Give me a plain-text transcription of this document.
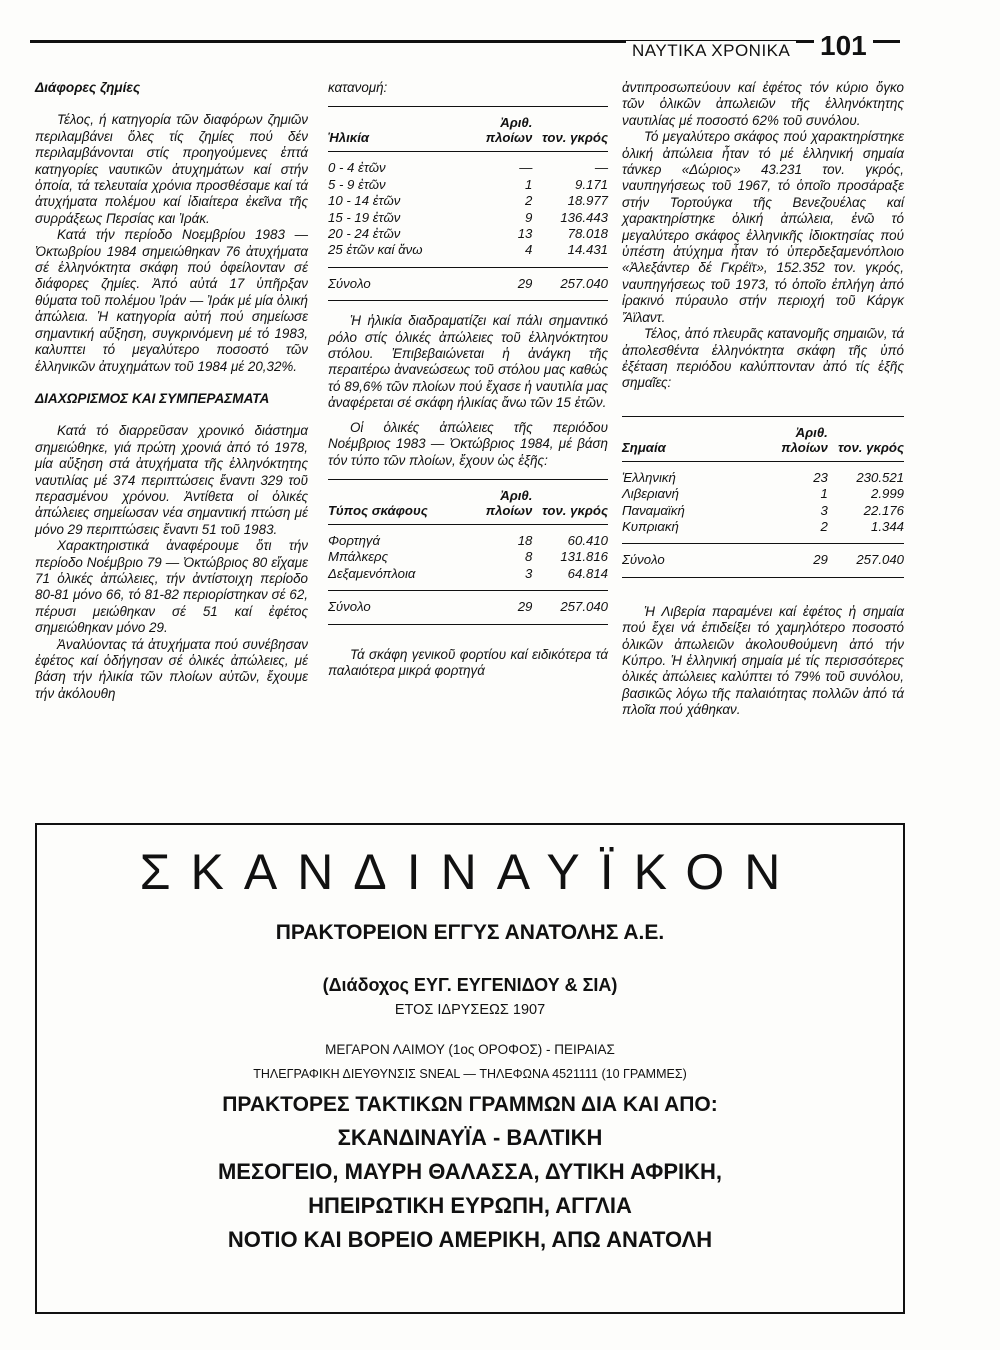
ΝΑΥΤΙΚΑ ΧΡΟΝΙΚΑ 101
Διάφορες ζημίες

Τέλος, ή κατηγορία τῶν διαφόρων ζημιῶν περιλαμβάνει ὅλες τίς ζημίες πού δέν περιλαμβάνονται στίς προηγούμενες ἑπτά κατηγορίες ναυτικῶν ἀτυχημάτων καί στήν ὁποία, τά τελευταία χρόνια προσθέσαμε καί τά ἀτυχήματα πολέμου καί ἰδιαίτερα ἐκεῖνα τῆς συρράξεως Περσίας και Ἰράκ.

Κατά τήν περίοδο Νοεμβρίου 1983 — Ὀκτωβρίου 1984 σημειώθηκαν 76 ἀτυχήματα σέ ἑλληνόκτητα σκάφη πού ὀφείλονταν σέ διάφορες ζημίες. Ἀπό αὐτά 17 ὑπῆρξαν θύματα τοῦ πολέμου Ἰράν — Ἰράκ μέ μία ὁλική ἀπώλεια. Ἡ κατηγορία αὐτή πού σημείωσε σημαντική αὔξηση, συγκρινόμενη μέ τό 1983, καλυπτει τό μεγαλύτερο ποσοστό τῶν ἑλληνικῶν ἀτυχημάτων τοῦ 1984 μέ 20,32%.

ΔΙΑΧΩΡΙΣΜΟΣ ΚΑΙ ΣΥΜΠΕΡΑΣΜΑΤΑ

Κατά τό διαρρεῦσαν χρονικό διάστημα σημειώθηκε, γιά πρώτη χρονιά ἀπό τό 1978, μία αὔξηση στά ἀτυχήματα τῆς ἑλληνόκτητης ναυτιλίας μέ 374 περιπτώσεις ἔναντι 329 τοῦ περασμένου χρόνου. Ἀντίθετα οἱ ὁλικές ἀπώλειες σημείωσαν νέα σημαντική πτώση μέ μόνο 29 περιπτώσεις ἔναντι 51 τοῦ 1983.

Χαρακτηριστικά ἀναφέρουμε ὅτι τήν περίοδο Νοέμβριο 79 — Ὀκτώβριος 80 εἴχαμε 71 ὁλικές ἀπώλειες, τήν ἀντίστοιχη περίοδο 80-81 μόνο 66, τό 81-82 περιορίστηκαν σέ 62, πέρυσι μειώθηκαν σέ 51 καί ἐφέτος σημειώθηκαν μόνο 29.

Ἀναλύοντας τά ἀτυχήματα πού συνέβησαν ἐφέτος καί ὁδήγησαν σέ ὁλικές ἀπώλειες, μέ βάση τήν ἡλικία τῶν πλοίων αὐτῶν, ἔχουμε τήν ἀκόλουθη

κατανομή:

Ἡλικία	Ἀριθ. πλοίων	τον. γκρός
0 - 4 ἐτῶν	—	—
5 - 9 ἐτῶν	1	9.171
10 - 14 ἐτῶν	2	18.977
15 - 19 ἐτῶν	9	136.443
20 - 24 ἐτῶν	13	78.018
25 ἐτῶν καί ἄνω	4	14.431
Σύνολο	29	257.040

Ἡ ἡλικία διαδραματίζει καί πάλι σημαντικό ρόλο στίς ὁλικές ἀπώλειες τοῦ ἑλληνόκτητου στόλου. Ἐπιβεβαιώνεται ἡ ἀνάγκη τῆς περαιτέρω ἀνανεώσεως τοῦ στόλου μας καθώς τό 89,6% τῶν πλοίων πού ἔχασε ἡ ναυτιλία μας ἀναφέρεται σέ σκάφη ἡλικίας ἄνω τῶν 15 ἐτῶν.

Οἱ ὁλικές ἀπώλειες τῆς περιόδου Νοέμβριος 1983 — Ὀκτώβριος 1984, μέ βάση τόν τύπο τῶν πλοίων, ἔχουν ὡς ἑξῆς:

Τύπος σκάφους	Ἀριθ. πλοίων	τον. γκρός
Φορτηγά	18	60.410
Μπάλκερς	8	131.816
Δεξαμενόπλοια	3	64.814
Σύνολο	29	257.040

Τά σκάφη γενικοῦ φορτίου καί ειδικότερα τά παλαιότερα μικρά φορτηγά

ἀντιπροσωπεύουν καί ἐφέτος τόν κύριο ὄγκο τῶν ὁλικῶν ἀπωλειῶν τῆς ἑλληνόκτητης ναυτιλίας μέ ποσοστό 62% τοῦ συνόλου.

Τό μεγαλύτερο σκάφος πού χαρακτηρίστηκε ὁλική ἀπώλεια ἦταν τό μέ ἑλληνική σημαία τάνκερ «Δώριος» 43.231 τον. γκρός, ναυπηγήσεως τοῦ 1967, τό ὁποῖο προσάραξε στήν Τορτούγκα τῆς Βενεζουέλας καί χαρακτηρίστηκε ὁλική ἀπώλεια, ἐνῶ τό μεγαλύτερο σκάφος ἑλληνικῆς ἰδιοκτησίας πού ὑπέστη ἀτύχημα ἦταν τό ὑπερδεξαμενόπλοιο «Ἀλεξάντερ δέ Γκρέϊτ», 152.352 τον. γκρός, ναυπηγήσεως τοῦ 1973, τό ὁποῖο ἐπλήγη ἀπό ἰρακινό πύραυλο στήν περιοχή τοῦ Κάργκ Ἄϊλαντ.

Τέλος, ἀπό πλευρᾶς κατανομῆς σημαιῶν, τά ἀπολεσθέντα ἑλληνόκτητα σκάφη τῆς ὑπό ἐξέταση περιόδου καλύπτονταν ἀπό τίς ἑξῆς σημαῖες:

Σημαία	Ἀριθ. πλοίων	τον. γκρός
Ἑλληνική	23	230.521
Λιβεριανή	1	2.999
Παναμαϊκή	3	22.176
Κυπριακή	2	1.344
Σύνολο	29	257.040

Ἡ Λιβερία παραμένει καί ἐφέτος ἡ σημαία πού ἔχει νά ἐπιδείξει τό χαμηλότερο ποσοστό ὁλικῶν ἀπωλειῶν ἀκολουθούμενη ἀπό τήν Κύπρο. Ἡ ἑλληνική σημαία μέ τίς περισσότερες ὁλικές ἀπώλειες καλύπτει τό 79% τοῦ συνόλου, βασικῶς λόγω τῆς παλαιότητας πολλῶν ἀπό τά πλοῖα πού χάθηκαν.

ΣΚΑΝΔΙΝΑΥΪΚΟΝ
ΠΡΑΚΤΟΡΕΙΟΝ ΕΓΓΥΣ ΑΝΑΤΟΛΗΣ Α.Ε.
(Διάδοχος ΕΥΓ. ΕΥΓΕΝΙΔΟΥ & ΣΙΑ)
ΕΤΟΣ ΙΔΡΥΣΕΩΣ 1907
ΜΕΓΑΡΟΝ ΛΑΙΜΟΥ (1ος ΟΡΟΦΟΣ) - ΠΕΙΡΑΙΑΣ
ΤΗΛΕΓΡΑΦΙΚΗ ΔΙΕΥΘΥΝΣΙΣ SNEAL — ΤΗΛΕΦΩΝΑ 4521111 (10 ΓΡΑΜΜΕΣ)
ΠΡΑΚΤΟΡΕΣ ΤΑΚΤΙΚΩΝ ΓΡΑΜΜΩΝ ΔΙΑ ΚΑΙ ΑΠΟ:
ΣΚΑΝΔΙΝΑΥΪΑ - ΒΑΛΤΙΚΗ
ΜΕΣΟΓΕΙΟ, ΜΑΥΡΗ ΘΑΛΑΣΣΑ, ΔΥΤΙΚΗ ΑΦΡΙΚΗ,
ΗΠΕΙΡΩΤΙΚΗ ΕΥΡΩΠΗ, ΑΓΓΛΙΑ
ΝΟΤΙΟ ΚΑΙ ΒΟΡΕΙΟ ΑΜΕΡΙΚΗ, ΑΠΩ ΑΝΑΤΟΛΗ
